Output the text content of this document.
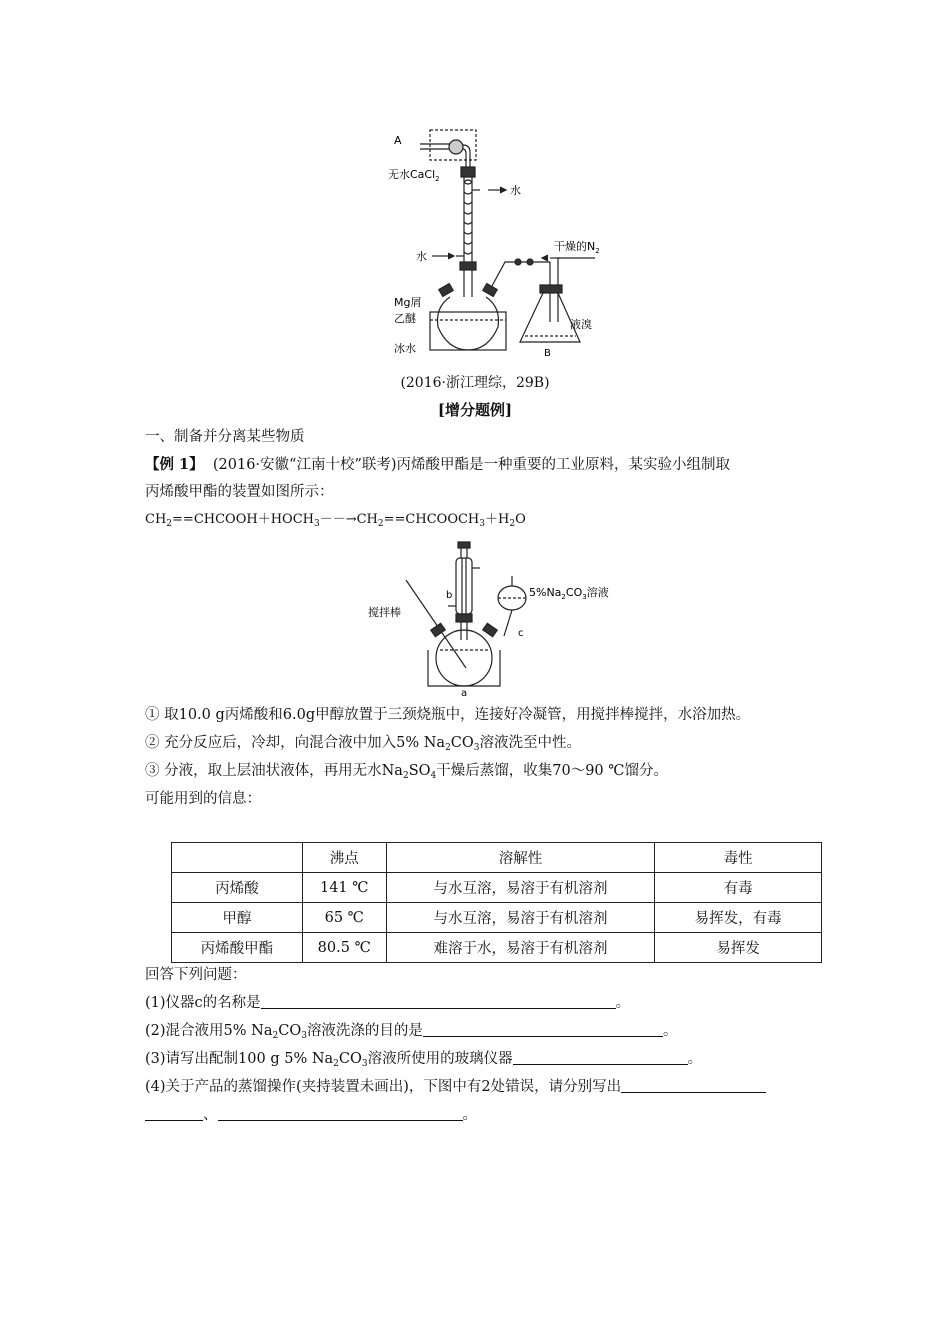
A
无水CaCl$_2$
水
水
干燥的$N_2$
Mg屑
乙醚
冰水
液溴
B
(2016·浙江理综，29B)
[增分题例]
一、制备并分离某些物质
【例 1】  (2016·安徽“江南十校”联考)丙烯酸甲酯是一种重要的工业原料，某实验小组制取
丙烯酸甲酯的装置如图所示：
$CH_2==CHCOOH+HOCH_3--\to CH_2==CHCOOCH_3+H_2O$
搅拌棒
b
c
a
$5\%Na_2CO_3$溶液
① 取10.0 g丙烯酸和6.0g甲醇放置于三颈烧瓶中，连接好冷凝管，用搅拌棒搅拌，水浴加热。
② 充分反应后，冷却，向混合液中加入5% $Na_2CO_3$溶液洗至中性。
③ 分液，取上层油状液体，再用无水$Na_2SO_4$干燥后蒸馏，收集70～90 ℃馏分。
可能用到的信息：
	沸点	溶解性	毒性
丙烯酸	141 ℃	与水互溶，易溶于有机溶剂	有毒
甲醇	65 ℃	与水互溶，易溶于有机溶剂	易挥发，有毒
丙烯酸甲酯	80.5 ℃	难溶于水，易溶于有机溶剂	易挥发
回答下列问题：
(1)仪器c的名称是	。
(2)混合液用5% $Na_2CO_3$溶液洗涤的目的是	。
(3)请写出配制100 g 5% $Na_2CO_3$溶液所使用的玻璃仪器	。
(4)关于产品的蒸馏操作(夹持装置未画出)，下图中有2处错误，请分别写出
、	。
